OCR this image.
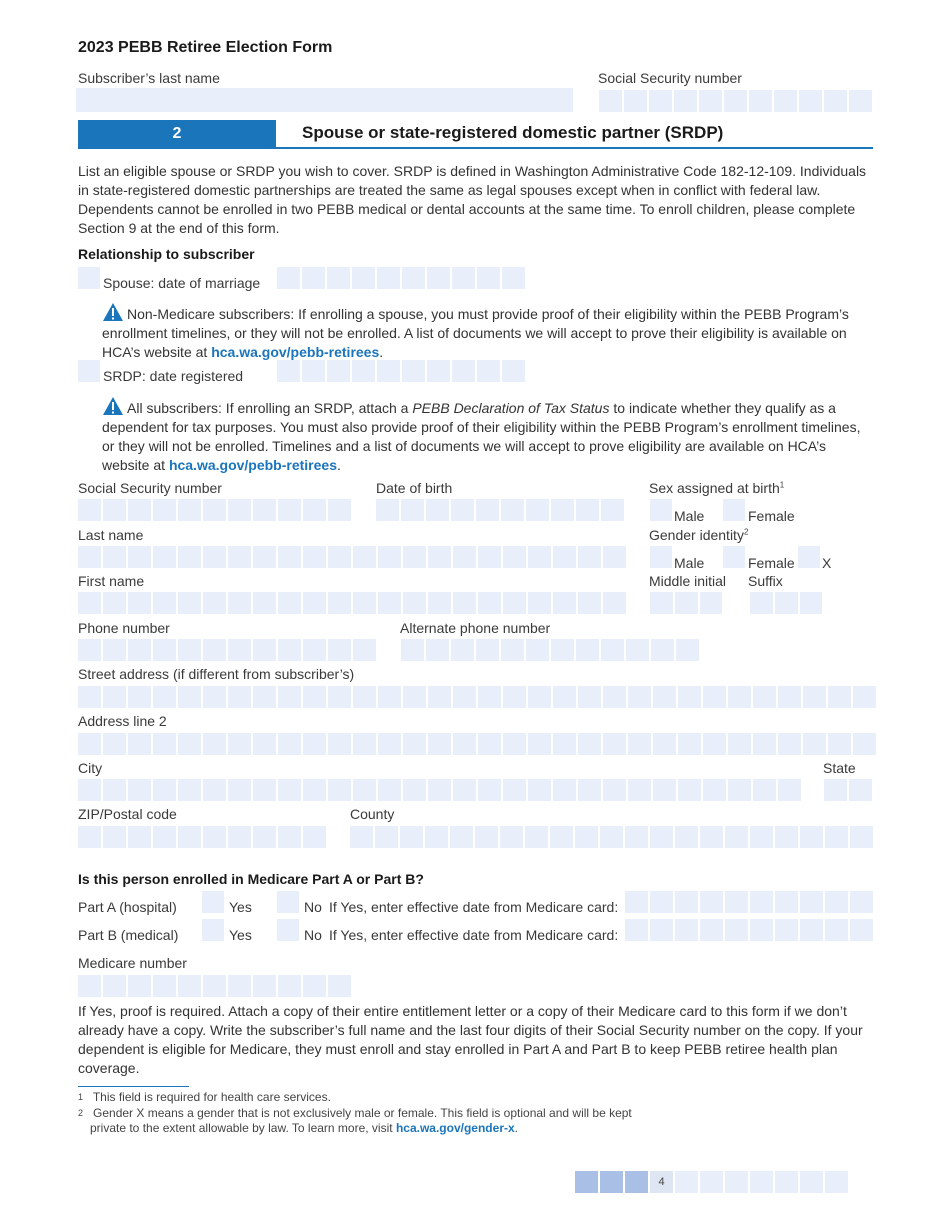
2023 PEBB Retiree Election Form
Subscriber’s last name	Social Security number
2	Spouse or state-registered domestic partner (SRDP)
List an eligible spouse or SRDP you wish to cover. SRDP is defined in Washington Administrative Code 182-12-109. Individuals in state-registered domestic partnerships are treated the same as legal spouses except when in conflict with federal law. Dependents cannot be enrolled in two PEBB medical or dental accounts at the same time. To enroll children, please complete Section 9 at the end of this form.
Relationship to subscriber
Spouse: date of marriage
Non-Medicare subscribers: If enrolling a spouse, you must provide proof of their eligibility within the PEBB Program’s enrollment timelines, or they will not be enrolled. A list of documents we will accept to prove their eligibility is available on HCA’s website at hca.wa.gov/pebb-retirees.
SRDP: date registered
All subscribers: If enrolling an SRDP, attach a PEBB Declaration of Tax Status to indicate whether they qualify as a dependent for tax purposes. You must also provide proof of their eligibility within the PEBB Program’s enrollment timelines, or they will not be enrolled. Timelines and a list of documents we will accept to prove eligibility are available on HCA’s website at hca.wa.gov/pebb-retirees.
Social Security number	Date of birth	Sex assigned at birth$^1$
Male	Female
Last name	Gender identity$^2$
Male	Female X
First name	Middle initial Suffix
Phone number	Alternate phone number
Street address (if different from subscriber’s)
Address line 2
City	State
ZIP/Postal code	County
Is this person enrolled in Medicare Part A or Part B?
Part A (hospital)	Yes	No If Yes, enter effective date from Medicare card:
Part B (medical)	Yes	No If Yes, enter effective date from Medicare card:
Medicare number
If Yes, proof is required. Attach a copy of their entire entitlement letter or a copy of their Medicare card to this form if we don’t already have a copy. Write the subscriber’s full name and the last four digits of their Social Security number on the copy. If your dependent is eligible for Medicare, they must enroll and stay enrolled in Part A and Part B to keep PEBB retiree health plan coverage.
$^1$ This field is required for health care services.
$^2$ Gender X means a gender that is not exclusively male or female. This field is optional and will be kept
private to the extent allowable by law. To learn more, visit hca.wa.gov/gender-x.
4
